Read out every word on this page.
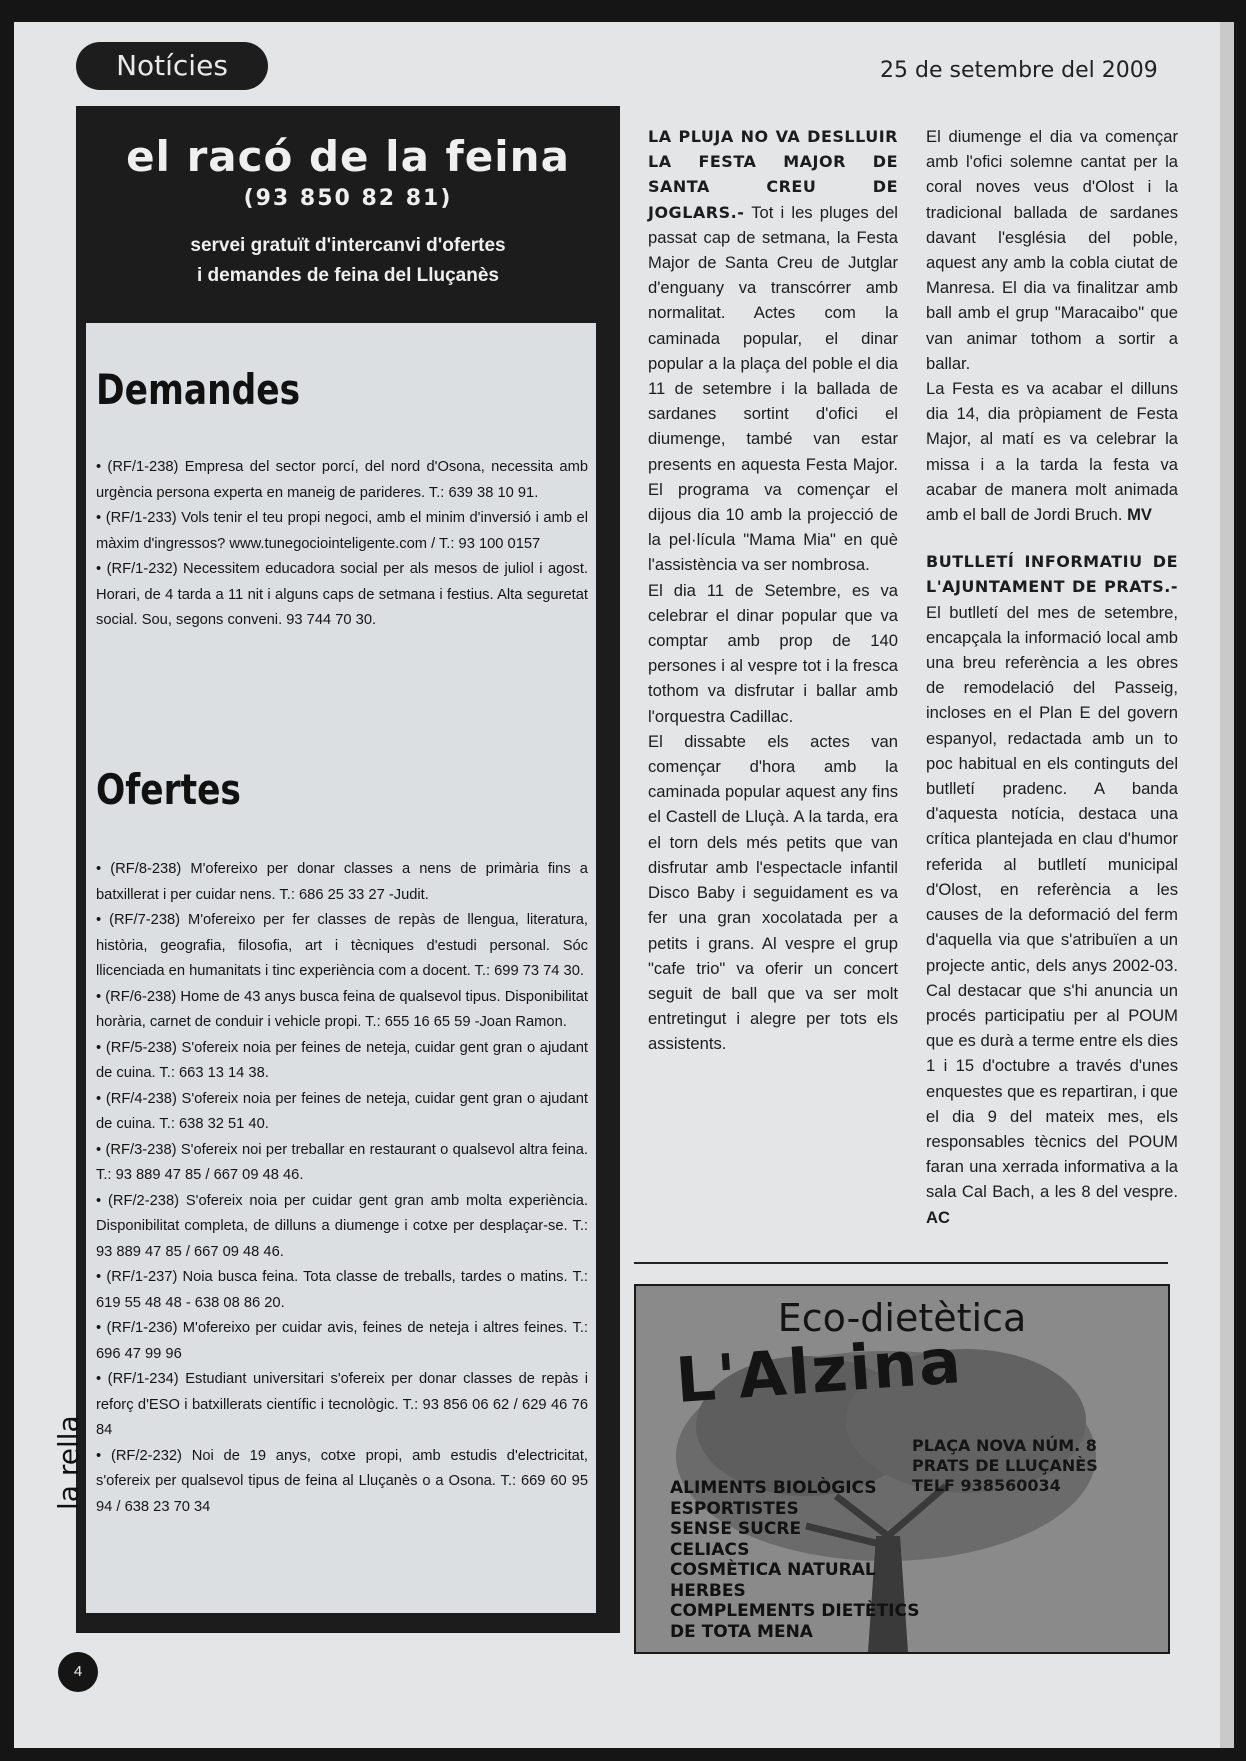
Notícies	25 de setembre del 2009
el racó de la feina
(93 850 82 81)
servei gratuït d'intercanvi d'ofertes
i demandes de feina del Lluçanès
Demandes
• (RF/1-238) Empresa del sector porcí, del nord d'Osona, necessita amb urgència persona experta en maneig de parideres. T.: 639 38 10 91.
• (RF/1-233) Vols tenir el teu propi negoci, amb el minim d'inversió i amb el màxim d'ingressos? www.tunegociointeligente.com / T.: 93 100 0157
• (RF/1-232) Necessitem educadora social per als mesos de juliol i agost. Horari, de 4 tarda a 11 nit i alguns caps de setmana i festius. Alta seguretat social. Sou, segons conveni. 93 744 70 30.
Ofertes
• (RF/8-238) M'ofereixo per donar classes a nens de primària fins a batxillerat i per cuidar nens. T.: 686 25 33 27 -Judit.
• (RF/7-238) M'ofereixo per fer classes de repàs de llengua, literatura, història, geografia, filosofia, art i tècniques d'estudi personal. Sóc llicenciada en humanitats i tinc experiència com a docent. T.: 699 73 74 30.
• (RF/6-238) Home de 43 anys busca feina de qualsevol tipus. Disponibilitat horària, carnet de conduir i vehicle propi. T.: 655 16 65 59 -Joan Ramon.
• (RF/5-238) S'ofereix noia per feines de neteja, cuidar gent gran o ajudant de cuina. T.: 663 13 14 38.
• (RF/4-238) S'ofereix noia per feines de neteja, cuidar gent gran o ajudant de cuina. T.: 638 32 51 40.
• (RF/3-238) S'ofereix noi per treballar en restaurant o qualsevol altra feina. T.: 93 889 47 85 / 667 09 48 46.
• (RF/2-238) S'ofereix noia per cuidar gent gran amb molta experiència. Disponibilitat completa, de dilluns a diumenge i cotxe per desplaçar-se. T.: 93 889 47 85 / 667 09 48 46.
• (RF/1-237) Noia busca feina. Tota classe de treballs, tardes o matins. T.: 619 55 48 48 - 638 08 86 20.
• (RF/1-236) M'ofereixo per cuidar avis, feines de neteja i altres feines. T.: 696 47 99 96
• (RF/1-234) Estudiant universitari s'ofereix per donar classes de repàs i reforç d'ESO i batxillerats científic i tecnològic. T.: 93 856 06 62 / 629 46 76 84
• (RF/2-232) Noi de 19 anys, cotxe propi, amb estudis d'electricitat, s'ofereix per qualsevol tipus de feina al Lluçanès o a Osona. T.: 669 60 95 94 / 638 23 70 34

LA PLUJA NO VA DESLLUIR LA FESTA MAJOR DE SANTA CREU DE JOGLARS.- Tot i les pluges del passat cap de setmana, la Festa Major de Santa Creu de Jutglar d'enguany va transcórrer amb normalitat. Actes com la caminada popular, el dinar popular a la plaça del poble el dia 11 de setembre i la ballada de sardanes sortint d'ofici el diumenge, també van estar presents en aquesta Festa Major. El programa va començar el dijous dia 10 amb la projecció de la pel·lícula "Mama Mia" en què l'assistència va ser nombrosa.

El dia 11 de Setembre, es va celebrar el dinar popular que va comptar amb prop de 140 persones i al vespre tot i la fresca tothom va disfrutar i ballar amb l'orquestra Cadillac.

El dissabte els actes van començar d'hora amb la caminada popular aquest any fins el Castell de Lluçà. A la tarda, era el torn dels més petits que van disfrutar amb l'espectacle infantil Disco Baby i seguidament es va fer una gran xocolatada per a petits i grans. Al vespre el grup "cafe trio" va oferir un concert seguit de ball que va ser molt entretingut i alegre per tots els assistents.

El diumenge el dia va començar amb l'ofici solemne cantat per la coral noves veus d'Olost i la tradicional ballada de sardanes davant l'església del poble, aquest any amb la cobla ciutat de Manresa. El dia va finalitzar amb ball amb el grup "Maracaibo" que van animar tothom a sortir a ballar.

La Festa es va acabar el dilluns dia 14, dia pròpiament de Festa Major, al matí es va celebrar la missa i a la tarda la festa va acabar de manera molt animada amb el ball de Jordi Bruch. MV

BUTLLETÍ INFORMATIU DE L'AJUNTAMENT DE PRATS.- El butlletí del mes de setembre, encapçala la informació local amb una breu referència a les obres de remodelació del Passeig, incloses en el Plan E del govern espanyol, redactada amb un to poc habitual en els continguts del butlletí pradenc. A banda d'aquesta notícia, destaca una crítica plantejada en clau d'humor referida al butlletí municipal d'Olost, en referència a les causes de la deformació del ferm d'aquella via que s'atribuïen a un projecte antic, dels anys 2002-03. Cal destacar que s'hi anuncia un procés participatiu per al POUM que es durà a terme entre els dies 1 i 15 d'octubre a través d'unes enquestes que es repartiran, i que el dia 9 del mateix mes, els responsables tècnics del POUM faran una xerrada informativa a la sala Cal Bach, a les 8 del vespre. AC

Eco-dietètica
L'Alzina
PLAÇA NOVA NÚM. 8
PRATS DE LLUÇANÈS
TELF 938560034
ALIMENTS BIOLÒGICS
ESPORTISTES
SENSE SUCRE
CELIACS
COSMÈTICA NATURAL
HERBES
COMPLEMENTS DIETÈTICS
DE TOTA MENA
la rella
4
